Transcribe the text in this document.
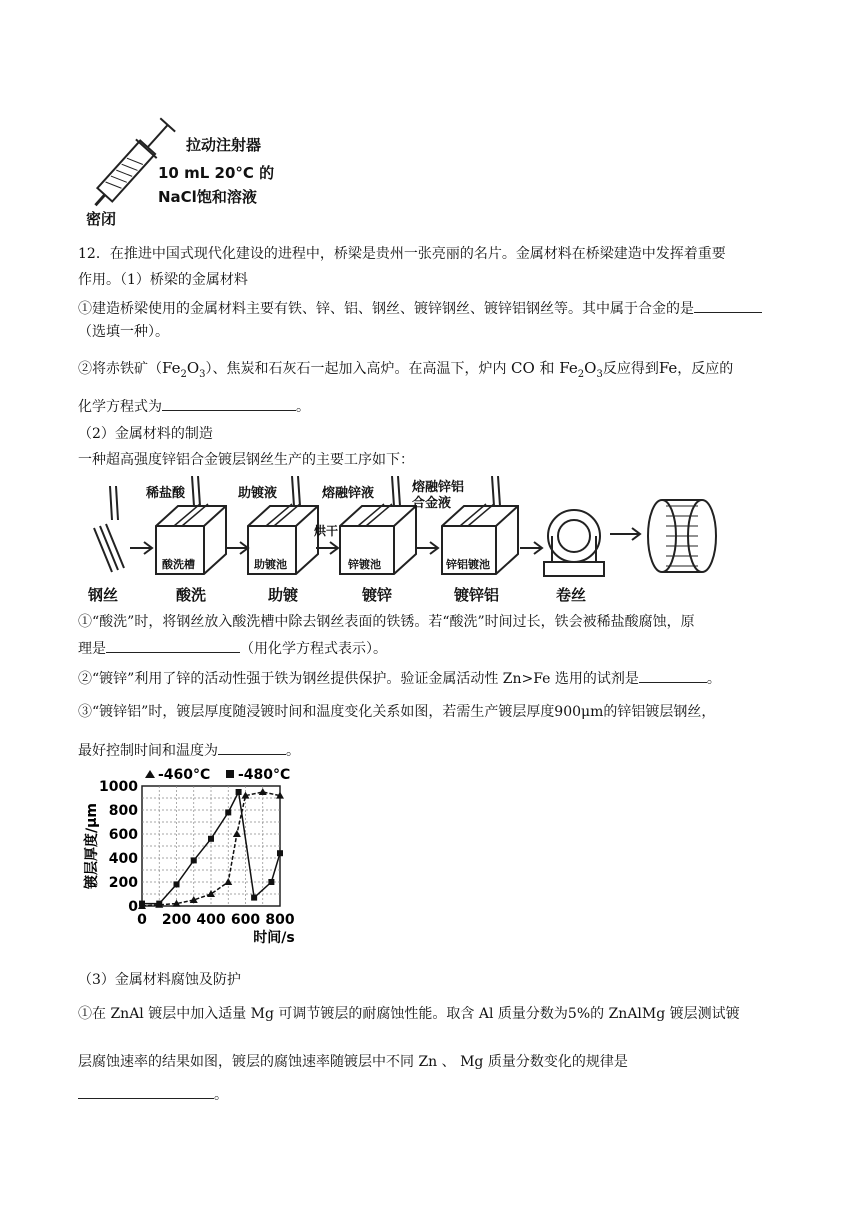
拉动注射器
10 mL 20°C 的
NaCl饱和溶液
密闭
12．在推进中国式现代化建设的进程中，桥梁是贵州一张亮丽的名片。金属材料在桥梁建造中发挥着重要
作用。（1）桥梁的金属材料
①建造桥梁使用的金属材料主要有铁、锌、铝、钢丝、镀锌钢丝、镀锌铝钢丝等。其中属于合金的是
（选填一种）。
②将赤铁矿$(Fe_2O_3)$、焦炭和石灰石一起加入高炉。在高温下，炉内 CO 和 $Fe_2O_3$反应得到Fe，反应的
化学方程式为	。
（2）金属材料的制造
一种超高强度锌铝合金镀层钢丝生产的主要工序如下：
稀盐酸	助镀液	熔融锌液	熔融锌铝
合金液
烘干
酸洗槽	助镀池	锌镀池	锌铝镀池
钢丝	酸洗	助镀	镀锌	镀锌铝	卷丝
①“酸洗”时，将钢丝放入酸洗槽中除去钢丝表面的铁锈。若“酸洗”时间过长，铁会被稀盐酸腐蚀，原
理是	（用化学方程式表示）。
②“镀锌”利用了锌的活动性强于铁为钢丝提供保护。验证金属活动性 Zn>Fe 选用的试剂是	。
③“镀锌铝”时，镀层厚度随浸镀时间和温度变化关系如图，若需生产镀层厚度900μm的锌铝镀层钢丝，
最好控制时间和温度为	。
0
200
400
600
800
1000
0 200 400 600 800
时间/s
镀层厚度/μm
-460°C -480°C
（3）金属材料腐蚀及防护
①在 ZnAl 镀层中加入适量 Mg 可调节镀层的耐腐蚀性能。取含 Al 质量分数为5%的 ZnAlMg 镀层测试镀
层腐蚀速率的结果如图，镀层的腐蚀速率随镀层中不同 Zn 、 Mg 质量分数变化的规律是
。
